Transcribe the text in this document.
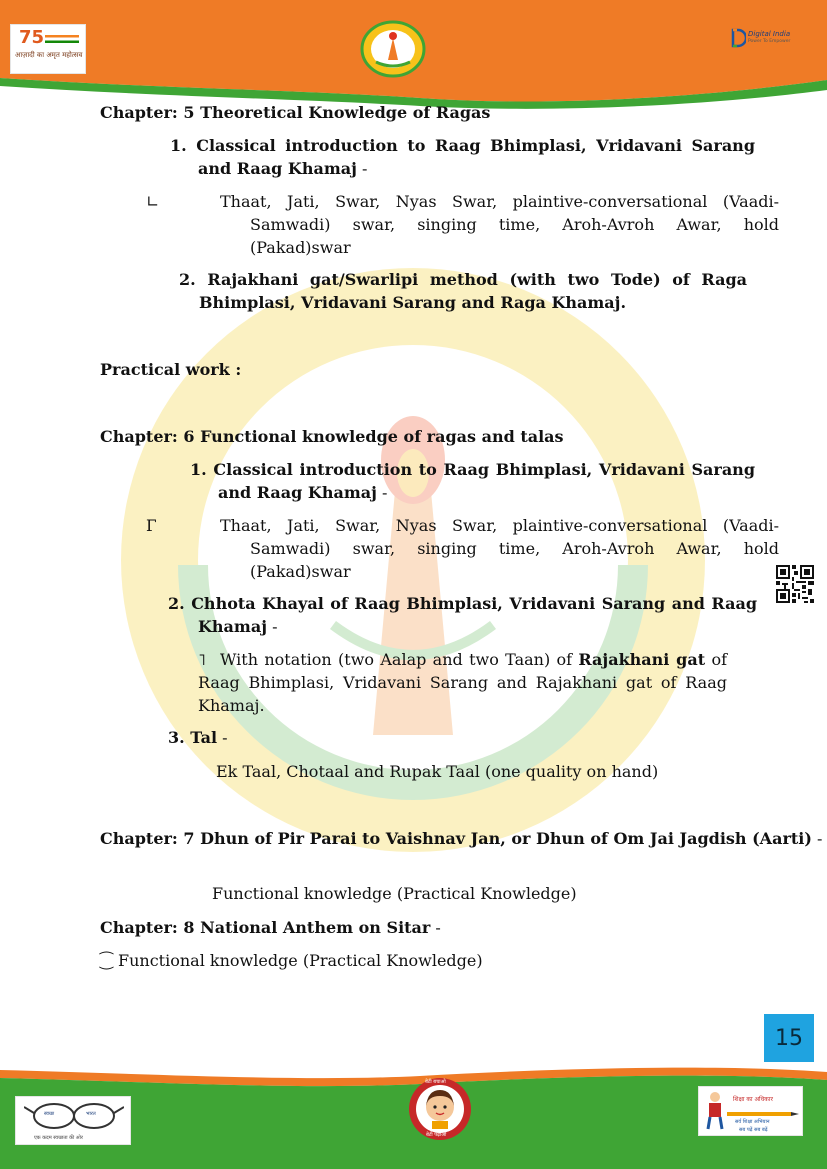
75
आज़ादी का अमृत महोत्सव
Digital India
Power To Empower
Chapter: 5 Theoretical Knowledge of Ragas
1. Classical introduction to Raag Bhimplasi, Vridavani Sarang and Raag Khamaj -
∟	Thaat, Jati, Swar, Nyas Swar, plaintive-conversational (Vaadi-Samwadi) swar, singing time, Aroh-Avroh Awar, hold (Pakad)swar
2. Rajakhani gat/Swarlipi method (with two Tode) of Raga Bhimplasi, Vridavani Sarang and Raga Khamaj.
Practical work :
Chapter: 6 Functional knowledge of ragas and talas
1. Classical introduction to Raag Bhimplasi, Vridavani Sarang and Raag Khamaj -
Г	Thaat, Jati, Swar, Nyas Swar, plaintive-conversational (Vaadi-Samwadi) swar, singing time, Aroh-Avroh Awar, hold (Pakad)swar
2. Chhota Khayal of Raag Bhimplasi, Vridavani Sarang and Raag Khamaj -
˥ With notation (two Aalap and two Taan) of Rajakhani gat of Raag Bhimplasi, Vridavani Sarang and Rajakhani gat of Raag Khamaj.
3. Tal -
Ek Taal, Chotaal and Rupak Taal (one quality on hand)
Chapter: 7 Dhun of Pir Parai to Vaishnav Jan, or Dhun of Om Jai Jagdish (Aarti) -
Functional knowledge (Practical Knowledge)
Chapter: 8 National Anthem on Sitar -
⁐ Functional knowledge (Practical Knowledge)
15
स्वच्छ	भारत
एक कदम स्वच्छता की ओर
बेटी बचाओ
बेटी पढ़ाओ
शिक्षा का अधिकार
सर्व शिक्षा अभियान
सब पढ़ें सब बढ़ें
